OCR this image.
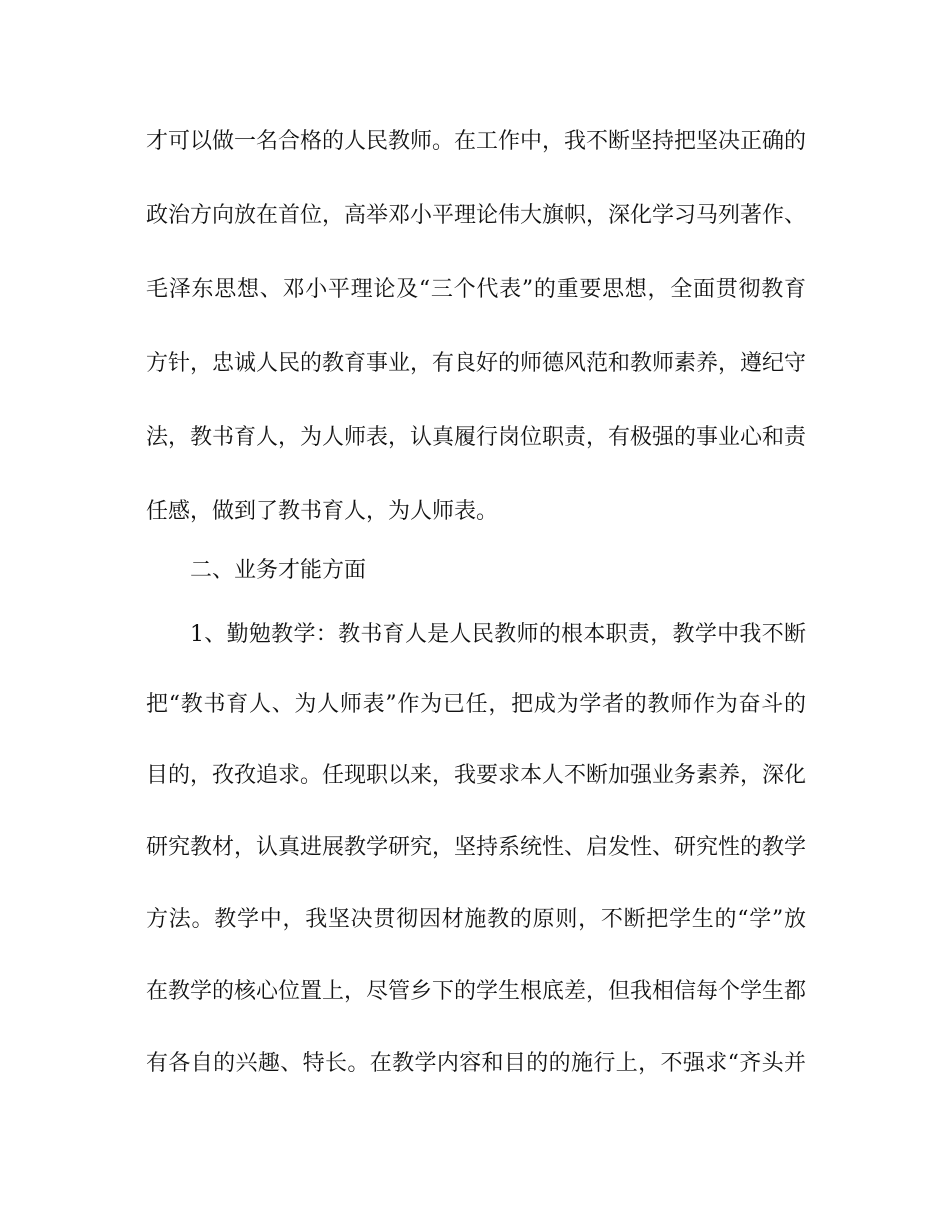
才可以做一名合格的人民教师。在工作中，我不断坚持把坚决正确的
政治方向放在首位，高举邓小平理论伟大旗帜，深化学习马列著作、
毛泽东思想、邓小平理论及“三个代表”的重要思想，全面贯彻教育
方针，忠诚人民的教育事业，有良好的师德风范和教师素养，遵纪守
法，教书育人，为人师表，认真履行岗位职责，有极强的事业心和责
任感，做到了教书育人，为人师表。
二、业务才能方面
1、勤勉教学：教书育人是人民教师的根本职责，教学中我不断
把“教书育人、为人师表”作为已任，把成为学者的教师作为奋斗的
目的，孜孜追求。任现职以来，我要求本人不断加强业务素养，深化
研究教材，认真进展教学研究，坚持系统性、启发性、研究性的教学
方法。教学中，我坚决贯彻因材施教的原则，不断把学生的“学”放
在教学的核心位置上，尽管乡下的学生根底差，但我相信每个学生都
有各自的兴趣、特长。在教学内容和目的的施行上，不强求“齐头并
